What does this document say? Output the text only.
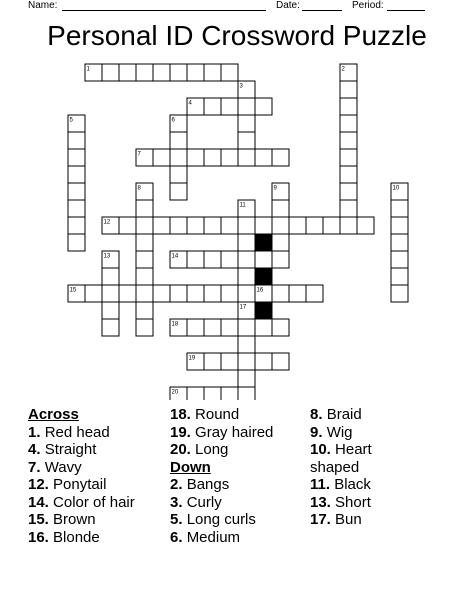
Name:	Date:	Period:
Personal ID Crossword Puzzle
1	2
3
4
5	6
7
8	9	10
11
12
13	14
15	16
17
18
19
20
Across
1. Red head
4. Straight
7. Wavy
12. Ponytail
14. Color of hair
15. Brown
16. Blonde
18. Round
19. Gray haired
20. Long
Down
2. Bangs
3. Curly
5. Long curls
6. Medium
8. Braid
9. Wig
10. Heart
shaped
11. Black
13. Short
17. Bun
